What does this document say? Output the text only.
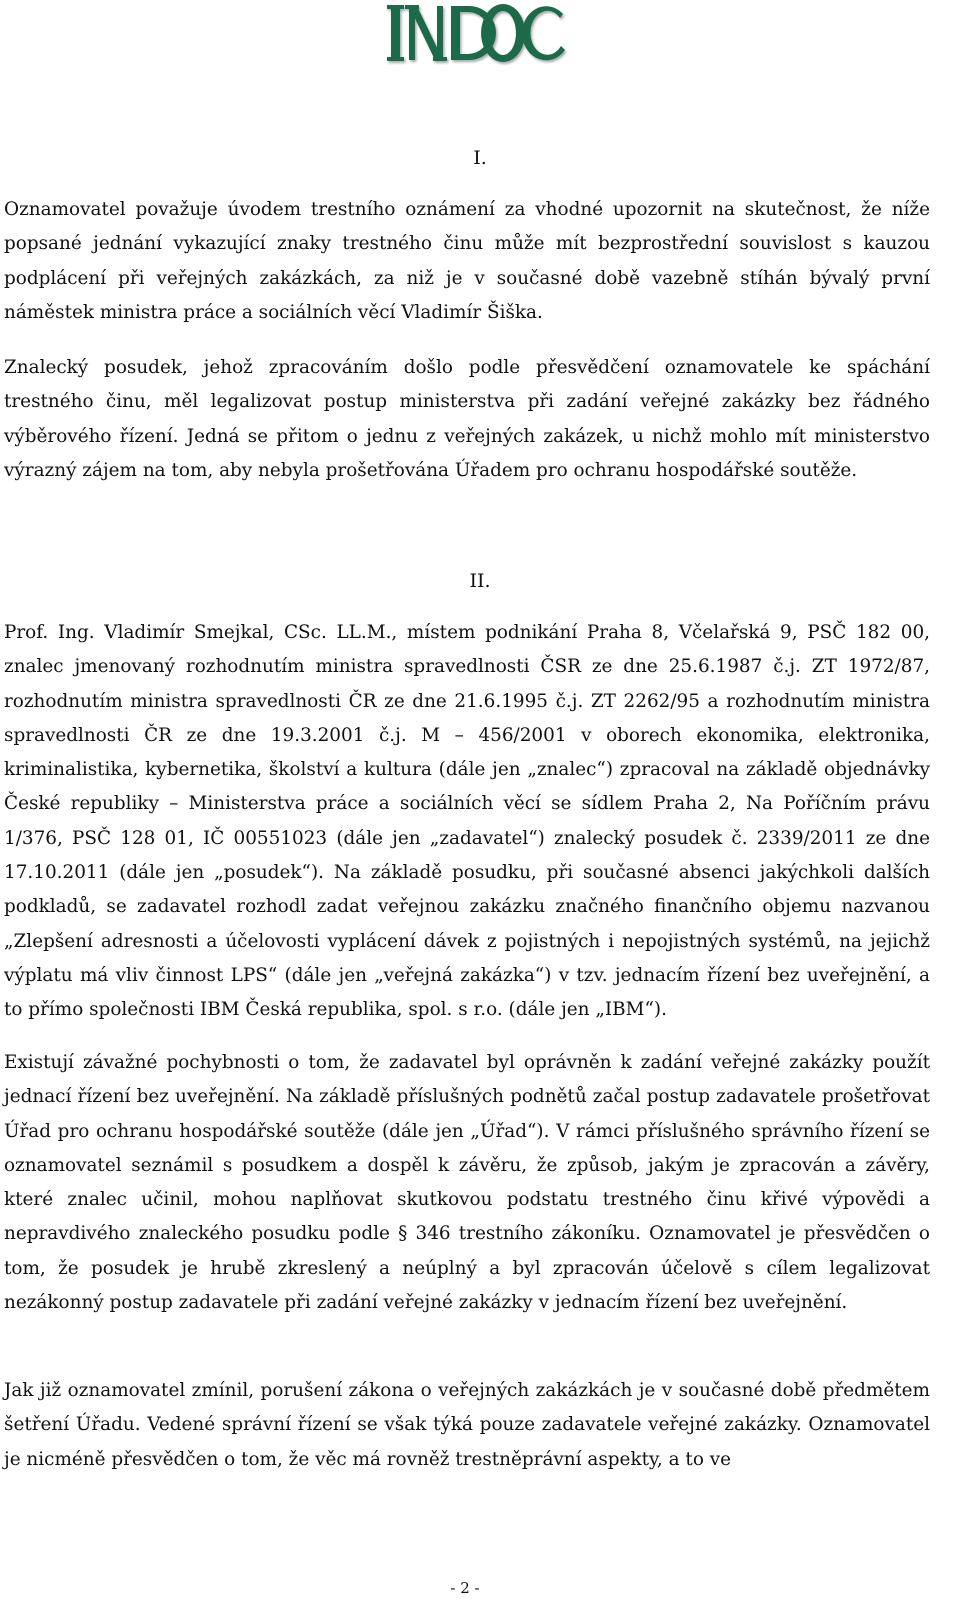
I.

Oznamovatel považuje úvodem trestního oznámení za vhodné upozornit na skutečnost, že níže popsané jednání vykazující znaky trestného činu může mít bezprostřední souvislost s kauzou podplácení při veřejných zakázkách, za niž je v současné době vazebně stíhán bývalý první náměstek ministra práce a sociálních věcí Vladimír Šiška.

Znalecký posudek, jehož zpracováním došlo podle přesvědčení oznamovatele ke spáchání trestného činu, měl legalizovat postup ministerstva při zadání veřejné zakázky bez řádného výběrového řízení. Jedná se přitom o jednu z veřejných zakázek, u nichž mohlo mít ministerstvo výrazný zájem na tom, aby nebyla prošetřována Úřadem pro ochranu hospodářské soutěže.

II.

Prof. Ing. Vladimír Smejkal, CSc. LL.M., místem podnikání Praha 8, Včelařská 9, PSČ 182 00, znalec jmenovaný rozhodnutím ministra spravedlnosti ČSR ze dne 25.6.1987 č.j. ZT 1972/87, rozhodnutím ministra spravedlnosti ČR ze dne 21.6.1995 č.j. ZT 2262/95 a rozhodnutím ministra spravedlnosti ČR ze dne 19.3.2001 č.j. M – 456/2001 v oborech ekonomika, elektronika, kriminalistika, kybernetika, školství a kultura (dále jen „znalec“) zpracoval na základě objednávky České republiky – Ministerstva práce a sociálních věcí se sídlem Praha 2, Na Poříčním právu 1/376, PSČ 128 01, IČ 00551023 (dále jen „zadavatel“) znalecký posudek č. 2339/2011 ze dne 17.10.2011 (dále jen „posudek“). Na základě posudku, při současné absenci jakýchkoli dalších podkladů, se zadavatel rozhodl zadat veřejnou zakázku značného finančního objemu nazvanou „Zlepšení adresnosti a účelovosti vyplácení dávek z pojistných i nepojistných systémů, na jejichž výplatu má vliv činnost LPS“ (dále jen „veřejná zakázka“) v tzv. jednacím řízení bez uveřejnění, a to přímo společnosti IBM Česká republika, spol. s r.o. (dále jen „IBM“).

Existují závažné pochybnosti o tom, že zadavatel byl oprávněn k zadání veřejné zakázky použít jednací řízení bez uveřejnění. Na základě příslušných podnětů začal postup zadavatele prošetřovat Úřad pro ochranu hospodářské soutěže (dále jen „Úřad“). V rámci příslušného správního řízení se oznamovatel seznámil s posudkem a dospěl k závěru, že způsob, jakým je zpracován a závěry, které znalec učinil, mohou naplňovat skutkovou podstatu trestného činu křivé výpovědi a nepravdivého znaleckého posudku podle § 346 trestního zákoníku. Oznamovatel je přesvědčen o tom, že posudek je hrubě zkreslený a neúplný a byl zpracován účelově s cílem legalizovat nezákonný postup zadavatele při zadání veřejné zakázky v jednacím řízení bez uveřejnění.

Jak již oznamovatel zmínil, porušení zákona o veřejných zakázkách je v současné době předmětem šetření Úřadu. Vedené správní řízení se však týká pouze zadavatele veřejné zakázky. Oznamovatel je nicméně přesvědčen o tom, že věc má rovněž trestněprávní aspekty, a to ve

- 2 -
